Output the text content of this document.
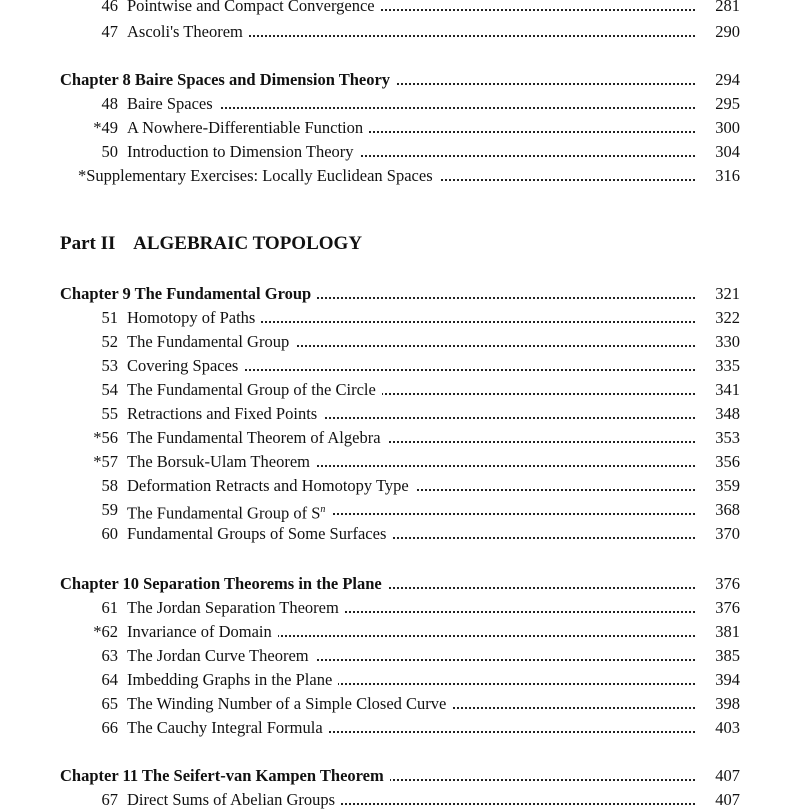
46 Pointwise and Compact Convergence	281
47 Ascoli's Theorem	290
Chapter 8 Baire Spaces and Dimension Theory	294
48 Baire Spaces	295
*49 A Nowhere-Differentiable Function	300
50 Introduction to Dimension Theory	304
*Supplementary Exercises: Locally Euclidean Spaces	316
Chapter 9 The Fundamental Group	321
51 Homotopy of Paths	322
52 The Fundamental Group	330
53 Covering Spaces	335
54 The Fundamental Group of the Circle	341
55 Retractions and Fixed Points	348
*56 The Fundamental Theorem of Algebra	353
*57 The Borsuk-Ulam Theorem	356
58 Deformation Retracts and Homotopy Type	359
59 The Fundamental Group of $S^n$	368
60 Fundamental Groups of Some Surfaces	370
Chapter 10 Separation Theorems in the Plane	376
61 The Jordan Separation Theorem	376
*62 Invariance of Domain	381
63 The Jordan Curve Theorem	385
64 Imbedding Graphs in the Plane	394
65 The Winding Number of a Simple Closed Curve	398
66 The Cauchy Integral Formula	403
Chapter 11 The Seifert-van Kampen Theorem	407
67 Direct Sums of Abelian Groups	407
Part II ALGEBRAIC TOPOLOGY
